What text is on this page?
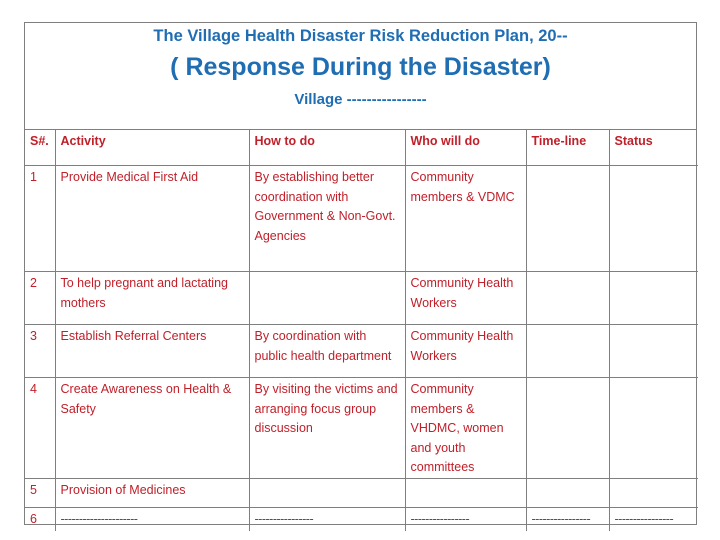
The Village Health Disaster Risk Reduction Plan, 20--
( Response During the Disaster)
Village ----------------
S#.	Activity	How to do	Who will do	Time-line	Status
1	Provide Medical First Aid	By establishing better coordination with Government & Non-Govt. Agencies	Community members & VDMC		
2	To help pregnant and lactating mothers		Community Health Workers		
3	Establish Referral Centers	By coordination with public health department	Community Health Workers		
4	Create Awareness on Health & Safety	By visiting the victims and arranging focus group discussion	Community members & VHDMC, women and youth committees		
5	Provision of Medicines				
6	---------------------	----------------	----------------	----------------	----------------
